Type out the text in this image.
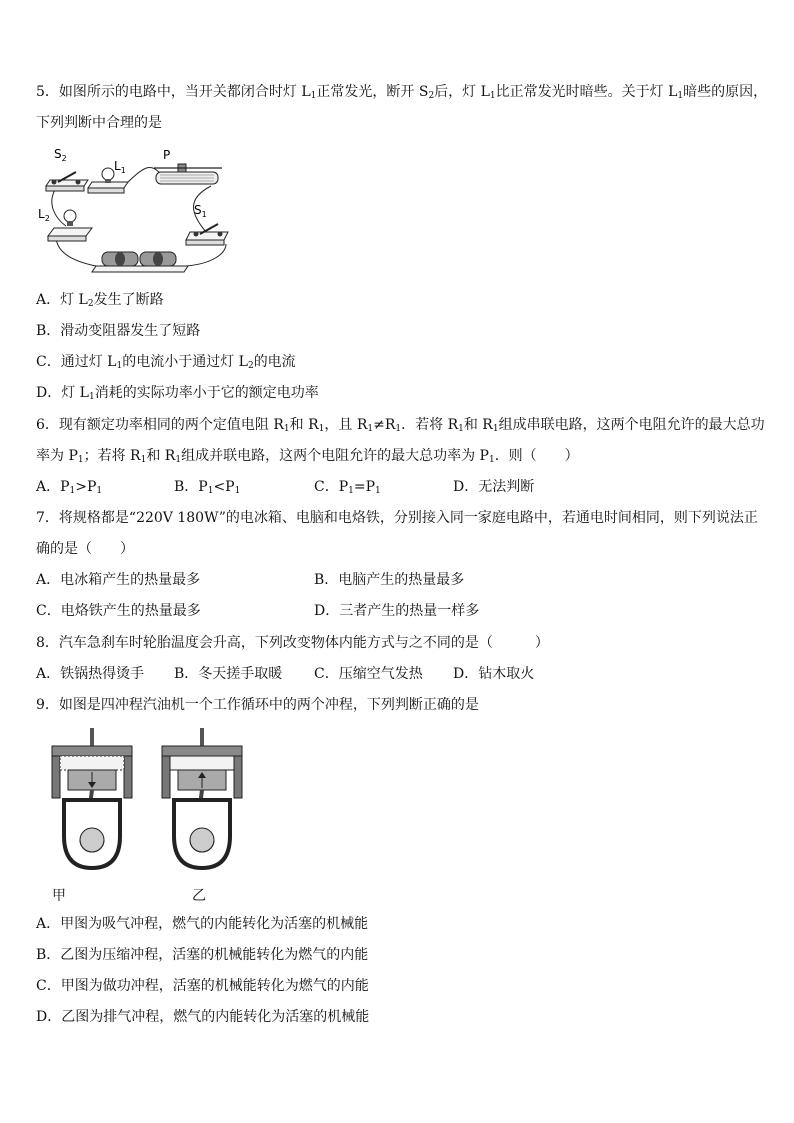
5．如图所示的电路中，当开关都闭合时灯 $L_1$正常发光，断开 $S_2$后，灯 $L_1$比正常发光时暗些。关于灯 $L_1$暗些的原因，
下列判断中合理的是
$S_2$
$L_1$
P
$L_2$
$S_1$
A．灯 $L_2$发生了断路
B．滑动变阻器发生了短路
C．通过灯 $L_1$的电流小于通过灯 $L_2$的电流
D．灯 $L_1$消耗的实际功率小于它的额定电功率
6．现有额定功率相同的两个定值电阻 $R_1$和 $R_1$，且 $R_1\ne R_1$．若将 $R_1$和 $R_1$组成串联电路，这两个电阻允许的最大总功
率为 $P_1$；若将 $R_1$和 $R_1$组成并联电路，这两个电阻允许的最大总功率为 $P_1$．则（　　）
A．$P_1>P_1$	B．$P_1<P_1$	C．$P_1=P_1$	D．无法判断
7．将规格都是“220V 180W”的电冰箱、电脑和电烙铁，分别接入同一家庭电路中，若通电时间相同，则下列说法正
确的是（　　）
A．电冰箱产生的热量最多	B．电脑产生的热量最多
C．电烙铁产生的热量最多	D．三者产生的热量一样多
8．汽车急刹车时轮胎温度会升高，下列改变物体内能方式与之不同的是（　　　）
A．铁锅热得烫手 B．冬天搓手取暖 C．压缩空气发热 D．钻木取火
9．如图是四冲程汽油机一个工作循环中的两个冲程，下列判断正确的是
甲	乙
A．甲图为吸气冲程，燃气的内能转化为活塞的机械能
B．乙图为压缩冲程，活塞的机械能转化为燃气的内能
C．甲图为做功冲程，活塞的机械能转化为燃气的内能
D．乙图为排气冲程，燃气的内能转化为活塞的机械能
